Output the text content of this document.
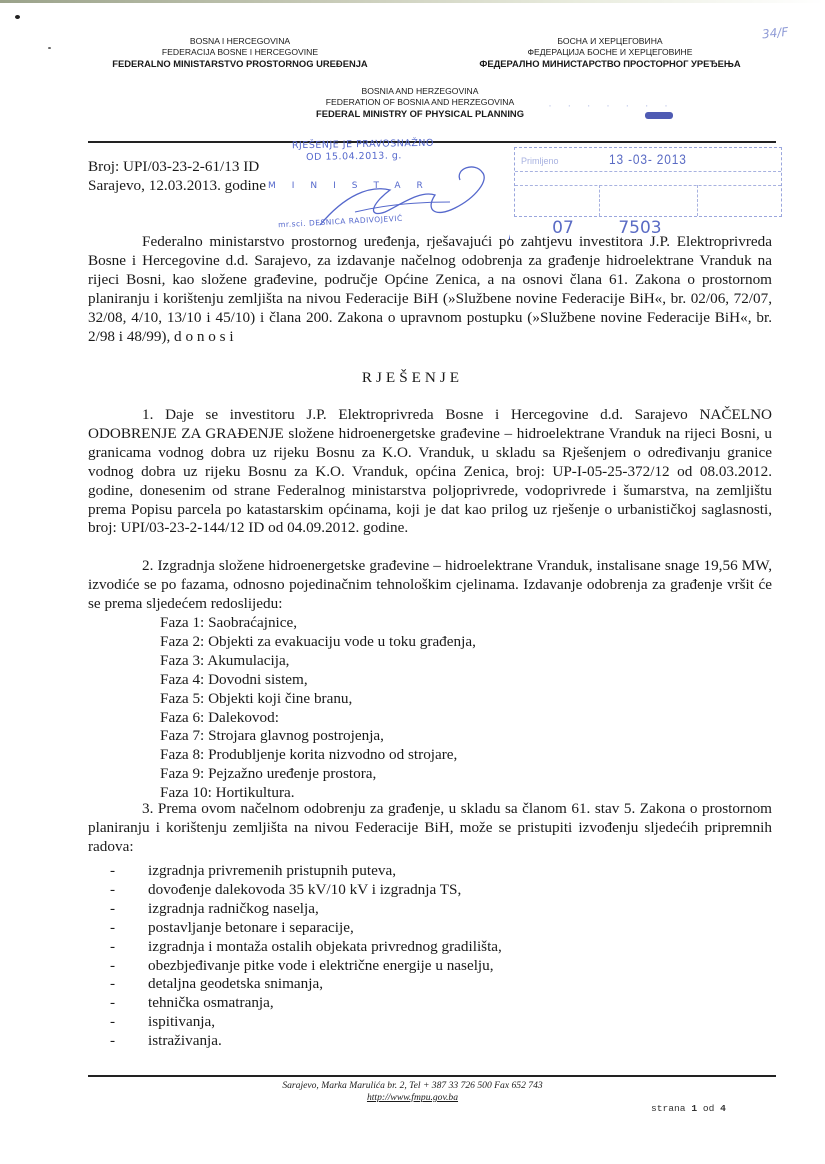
BOSNA I HERCEGOVINA
FEDERACIJA BOSNE I HERCEGOVINE
FEDERALNO MINISTARSTVO PROSTORNOG UREĐENJA
БОСНА И ХЕРЦЕГОВИНА
ФЕДЕРАЦИЈА БОСНЕ И ХЕРЦЕГОВИНЕ
ФЕДЕРАЛНО МИНИСТАРСТВО ПРОСТОРНОГ УРЕЂЕЊА
BOSNIA AND HERZEGOVINA
FEDERATION OF BOSNIA AND HERZEGOVINA
FEDERAL MINISTRY OF PHYSICAL PLANNING
34/F
· · · · · · ·
Broj: UPI/03-23-2-61/13 ID
Sarajevo, 12.03.2013. godine
RJEŠENJE JE PRAVOSNAŽNO
OD 15.04.2013. g.
MINISTAR
mr.sci. DESNICA RADIVOJEVIĆ
Primljeno	13 -03- 2013
07	7503
Federalno ministarstvo prostornog uređenja, rješavajući po zahtjevu investitora J.P. Elektroprivreda Bosne i Hercegovine d.d. Sarajevo, za izdavanje načelnog odobrenja za građenje hidroelektrane Vranduk na rijeci Bosni, kao složene građevine, područje Općine Zenica, a na osnovi člana 61. Zakona o prostornom planiranju i korištenju zemljišta na nivou Federacije BiH (»Službene novine Federacije BiH«, br. 02/06, 72/07, 32/08, 4/10, 13/10 i 45/10) i člana 200. Zakona o upravnom postupku (»Službene novine Federacije BiH«, br. 2/98 i 48/99), d o n o s i
RJEŠENJE
1. Daje se investitoru J.P. Elektroprivreda Bosne i Hercegovine d.d. Sarajevo NAČELNO ODOBRENJE ZA GRAĐENJE složene hidroenergetske građevine – hidroelektrane Vranduk na rijeci Bosni, u granicama vodnog dobra uz rijeku Bosnu za K.O. Vranduk, u skladu sa Rješenjem o određivanju granice vodnog dobra uz rijeku Bosnu za K.O. Vranduk, općina Zenica, broj: UP-I-05-25-372/12 od 08.03.2012. godine, donesenim od strane Federalnog ministarstva poljoprivrede, vodoprivrede i šumarstva, na zemljištu prema Popisu parcela po katastarskim općinama, koji je dat kao prilog uz rješenje o urbanističkoj saglasnosti, broj: UPI/03-23-2-144/12 ID od 04.09.2012. godine.
2. Izgradnja složene hidroenergetske građevine – hidroelektrane Vranduk, instalisane snage 19,56 MW, izvodiće se po fazama, odnosno pojedinačnim tehnološkim cjelinama. Izdavanje odobrenja za građenje vršit će se prema sljedećem redoslijedu:
Faza 1: Saobraćajnice,
Faza 2: Objekti za evakuaciju vode u toku građenja,
Faza 3: Akumulacija,
Faza 4: Dovodni sistem,
Faza 5: Objekti koji čine branu,
Faza 6: Dalekovod:
Faza 7: Strojara glavnog postrojenja,
Faza 8: Produbljenje korita nizvodno od strojare,
Faza 9: Pejzažno uređenje prostora,
Faza 10: Hortikultura.
3. Prema ovom načelnom odobrenju za građenje, u skladu sa članom 61. stav 5. Zakona o prostornom planiranju i korištenju zemljišta na nivou Federacije BiH, može se pristupiti izvođenju sljedećih pripremnih radova:
-	izgradnja privremenih pristupnih puteva,
-	dovođenje dalekovoda 35 kV/10 kV i izgradnja TS,
-	izgradnja radničkog naselja,
-	postavljanje betonare i separacije,
-	izgradnja i montaža ostalih objekata privrednog gradilišta,
-	obezbjeđivanje pitke vode i električne energije u naselju,
-	detaljna geodetska snimanja,
-	tehnička osmatranja,
-	ispitivanja,
-	istraživanja.
Sarajevo, Marka Marulića br. 2, Tel + 387 33 726 500 Fax 652 743
http://www.fmpu.gov.ba
strana 1 od 4
